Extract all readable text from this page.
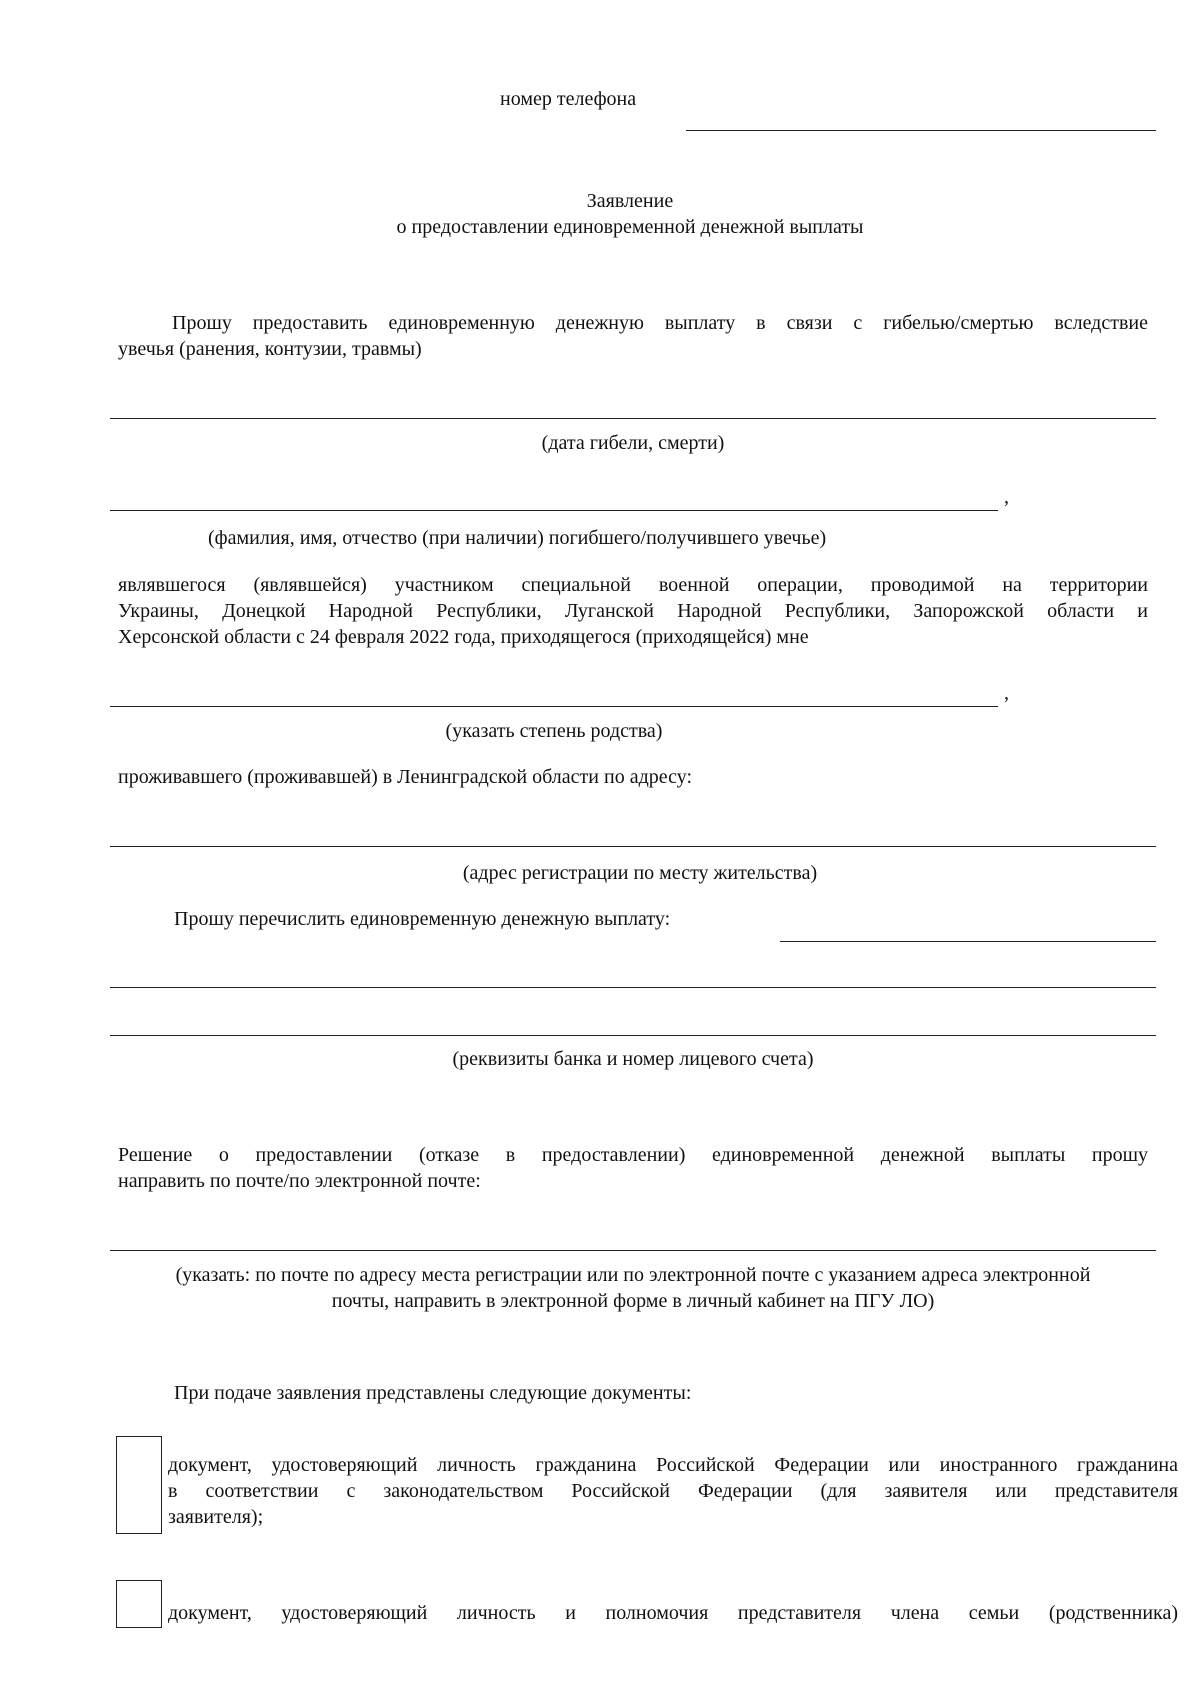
номер телефона
Заявление
о предоставлении единовременной денежной выплаты
Прошу предоставить единовременную денежную выплату в связи с гибелью/смертью вследствие
увечья (ранения, контузии, травмы)
(дата гибели, смерти)
,
(фамилия, имя, отчество (при наличии) погибшего/получившего увечье)
являвшегося (являвшейся) участником специальной военной операции, проводимой на территории
Украины, Донецкой Народной Республики, Луганской Народной Республики, Запорожской области и
Херсонской области с 24 февраля 2022 года, приходящегося (приходящейся) мне
,
(указать степень родства)
проживавшего (проживавшей) в Ленинградской области по адресу:
(адрес регистрации по месту жительства)
Прошу перечислить единовременную денежную выплату:
(реквизиты банка и номер лицевого счета)
Решение о предоставлении (отказе в предоставлении) единовременной денежной выплаты прошу
направить по почте/по электронной почте:
(указать: по почте по адресу места регистрации или по электронной почте с указанием адреса электронной
почты, направить в электронной форме в личный кабинет на ПГУ ЛО)
При подаче заявления представлены следующие документы:
документ, удостоверяющий личность гражданина Российской Федерации или иностранного гражданина
в соответствии с законодательством Российской Федерации (для заявителя или представителя
заявителя);
документ, удостоверяющий личность и полномочия представителя члена семьи (родственника)
